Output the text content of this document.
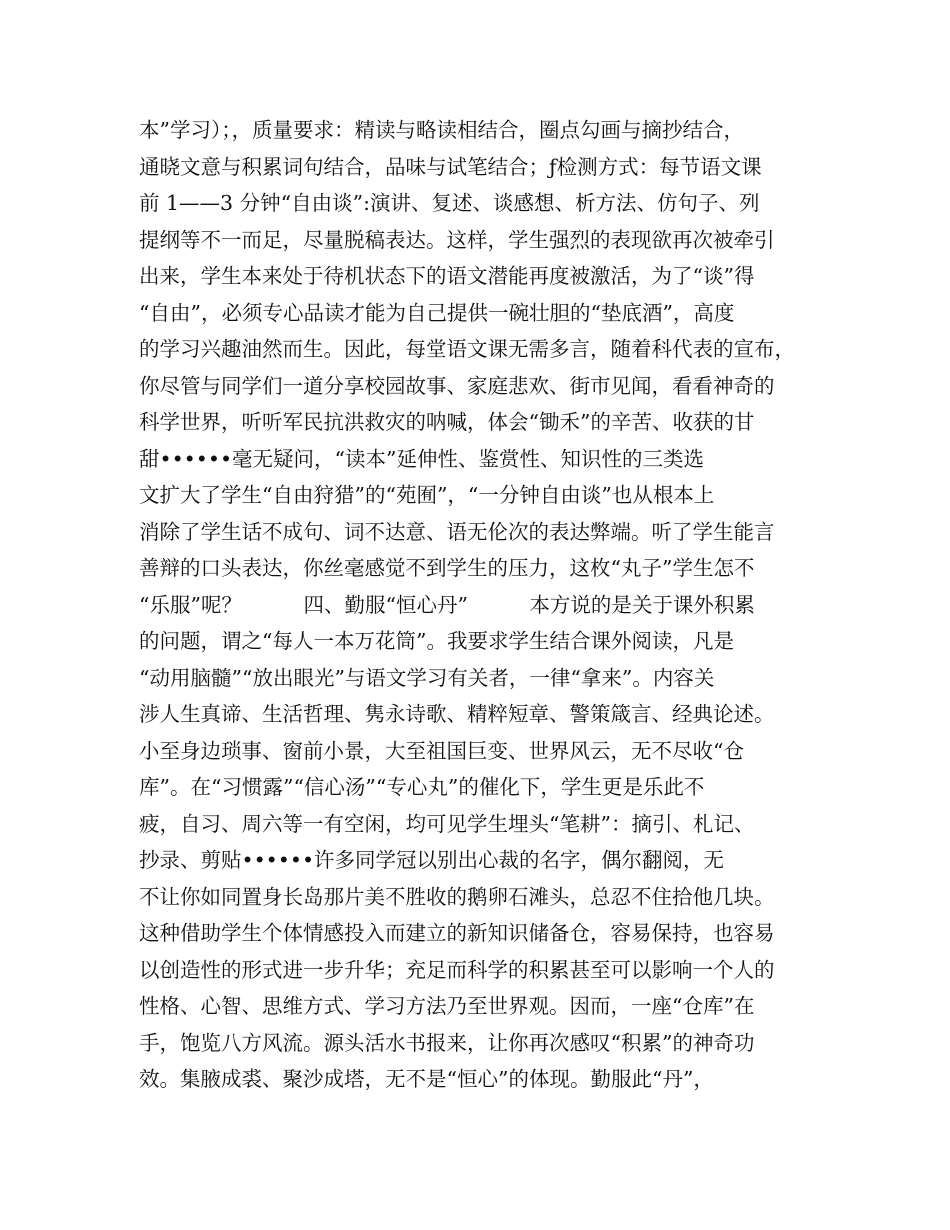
本”学习）；，质量要求：精读与略读相结合，圈点勾画与摘抄结合，
通晓文意与积累词句结合，品味与试笔结合；ƒ检测方式：每节语文课
前 1——3 分钟“自由谈”:演讲、复述、谈感想、析方法、仿句子、列
提纲等不一而足，尽量脱稿表达。这样，学生强烈的表现欲再次被牵引
出来，学生本来处于待机状态下的语文潜能再度被激活，为了“谈”得
“自由”，必须专心品读才能为自己提供一碗壮胆的“垫底酒”，高度
的学习兴趣油然而生。因此，每堂语文课无需多言，随着科代表的宣布，
你尽管与同学们一道分享校园故事、家庭悲欢、街市见闻，看看神奇的
科学世界，听听军民抗洪救灾的呐喊，体会“锄禾”的辛苦、收获的甘
甜••••••毫无疑问，“读本”延伸性、鉴赏性、知识性的三类选
文扩大了学生“自由狩猎”的“苑囿”，“一分钟自由谈”也从根本上
消除了学生话不成句、词不达意、语无伦次的表达弊端。听了学生能言
善辩的口头表达，你丝毫感觉不到学生的压力，这枚“丸子”学生怎不
“乐服”呢？　　　四、勤服“恒心丹”　　　本方说的是关于课外积累
的问题，谓之“每人一本万花筒”。我要求学生结合课外阅读，凡是
“动用脑髓”“放出眼光”与语文学习有关者，一律“拿来”。内容关
涉人生真谛、生活哲理、隽永诗歌、精粹短章、警策箴言、经典论述。
小至身边琐事、窗前小景，大至祖国巨变、世界风云，无不尽收“仓
库”。在“习惯露”“信心汤”“专心丸”的催化下，学生更是乐此不
疲，自习、周六等一有空闲，均可见学生埋头“笔耕”：摘引、札记、
抄录、剪贴••••••许多同学冠以别出心裁的名字，偶尔翻阅，无
不让你如同置身长岛那片美不胜收的鹅卵石滩头，总忍不住拾他几块。
这种借助学生个体情感投入而建立的新知识储备仓，容易保持，也容易
以创造性的形式进一步升华；充足而科学的积累甚至可以影响一个人的
性格、心智、思维方式、学习方法乃至世界观。因而，一座“仓库”在
手，饱览八方风流。源头活水书报来，让你再次感叹“积累”的神奇功
效。集腋成裘、聚沙成塔，无不是“恒心”的体现。勤服此“丹”，
